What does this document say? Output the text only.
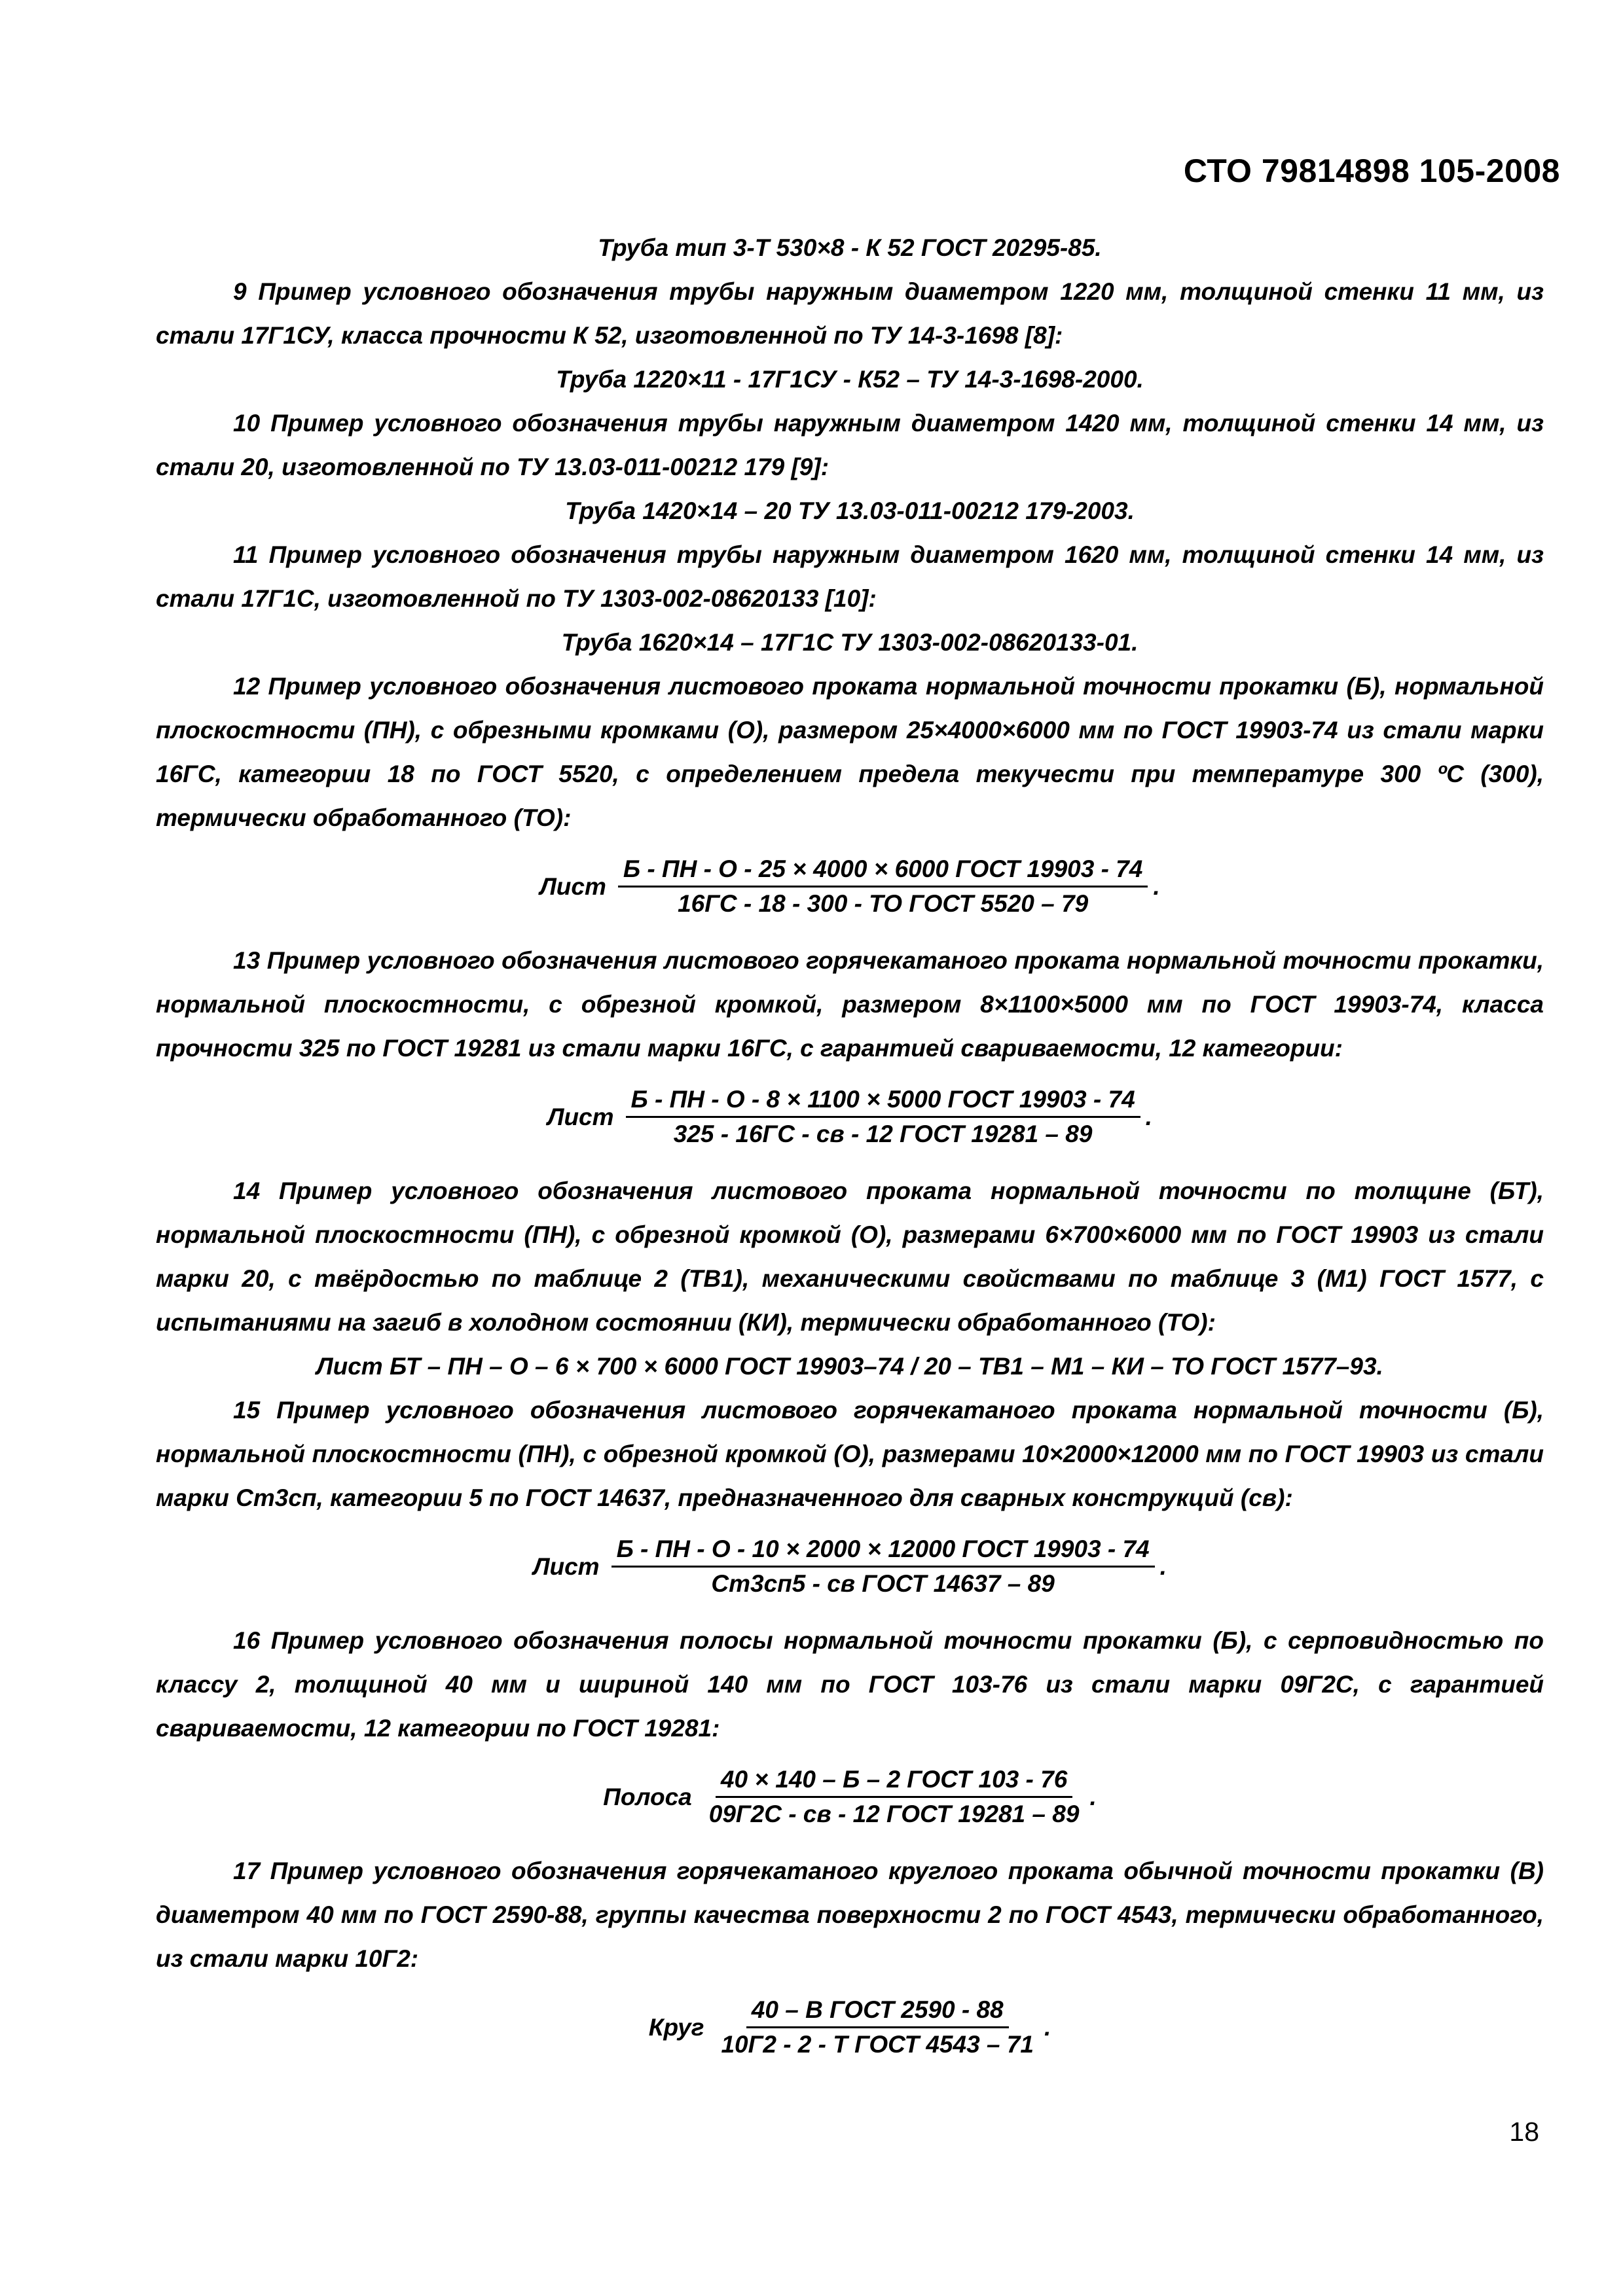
СТО 79814898 105-2008

Труба тип 3-Т 530×8 - К 52 ГОСТ 20295-85.

9 Пример условного обозначения трубы наружным диаметром 1220 мм, толщиной стенки 11 мм, из стали 17Г1СУ, класса прочности К 52, изготовленной по ТУ 14-3-1698 [8]:

Труба 1220×11 - 17Г1СУ - К52 – ТУ 14-3-1698-2000.

10 Пример условного обозначения трубы наружным диаметром 1420 мм, толщиной стенки 14 мм, из стали 20, изготовленной по ТУ 13.03-011-00212 179 [9]:

Труба 1420×14 – 20 ТУ 13.03-011-00212 179-2003.

11 Пример условного обозначения трубы наружным диаметром 1620 мм, толщиной стенки 14 мм, из стали 17Г1С, изготовленной по ТУ 1303-002-08620133 [10]:

Труба 1620×14 – 17Г1С ТУ 1303-002-08620133-01.

12 Пример условного обозначения листового проката нормальной точности прокатки (Б), нормальной плоскостности (ПН), с обрезными кромками (О), размером 25×4000×6000 мм по ГОСТ 19903-74 из стали марки 16ГС, категории 18 по ГОСТ 5520, с определением предела текучести при температуре 300 ºС (300), термически обработанного (ТО):

Лист $\frac{\text{Б - ПН - О - 25 × 4000 × 6000 ГОСТ 19903 - 74}}{\text{16ГС - 18 - 300 - ТО ГОСТ 5520 – 79}}$ .

13 Пример условного обозначения листового горячекатаного проката нормальной точности прокатки, нормальной плоскостности, с обрезной кромкой, размером 8×1100×5000 мм по ГОСТ 19903-74, класса прочности 325 по ГОСТ 19281 из стали марки 16ГС, с гарантией свариваемости, 12 категории:

Лист $\frac{\text{Б - ПН - О - 8 × 1100 × 5000 ГОСТ 19903 - 74}}{\text{325 - 16ГС - св - 12 ГОСТ 19281 – 89}}$ .

14 Пример условного обозначения листового проката нормальной точности по толщине (БТ), нормальной плоскостности (ПН), с обрезной кромкой (О), размерами 6×700×6000 мм по ГОСТ 19903 из стали марки 20, с твёрдостью по таблице 2 (ТВ1), механическими свойствами по таблице 3 (М1) ГОСТ 1577, с испытаниями на загиб в холодном состоянии (КИ), термически обработанного (ТО):

Лист БТ – ПН – О – 6 × 700 × 6000 ГОСТ 19903–74 / 20 – ТВ1 – М1 – КИ – ТО ГОСТ 1577–93.

15 Пример условного обозначения листового горячекатаного проката нормальной точности (Б), нормальной плоскостности (ПН), с обрезной кромкой (О), размерами 10×2000×12000 мм по ГОСТ 19903 из стали марки Ст3сп, категории 5 по ГОСТ 14637, предназначенного для сварных конструкций (св):

Лист $\frac{\text{Б - ПН - О - 10 × 2000 × 12000 ГОСТ 19903 - 74}}{\text{Ст3сп5 - св ГОСТ 14637 – 89}}$ .

16 Пример условного обозначения полосы нормальной точности прокатки (Б), с серповидностью по классу 2, толщиной 40 мм и шириной 140 мм по ГОСТ 103-76 из стали марки 09Г2С, с гарантией свариваемости, 12 категории по ГОСТ 19281:

Полоса $\frac{\text{40 × 140 – Б – 2 ГОСТ 103 - 76}}{\text{09Г2С - св - 12 ГОСТ 19281 – 89}}$ .

17 Пример условного обозначения горячекатаного круглого проката обычной точности прокатки (В) диаметром 40 мм по ГОСТ 2590-88, группы качества поверхности 2 по ГОСТ 4543, термически обработанного, из стали марки 10Г2:

Круг $\frac{\text{40 – В ГОСТ 2590 - 88}}{\text{10Г2 - 2 - Т ГОСТ 4543 – 71}}$ .
18
